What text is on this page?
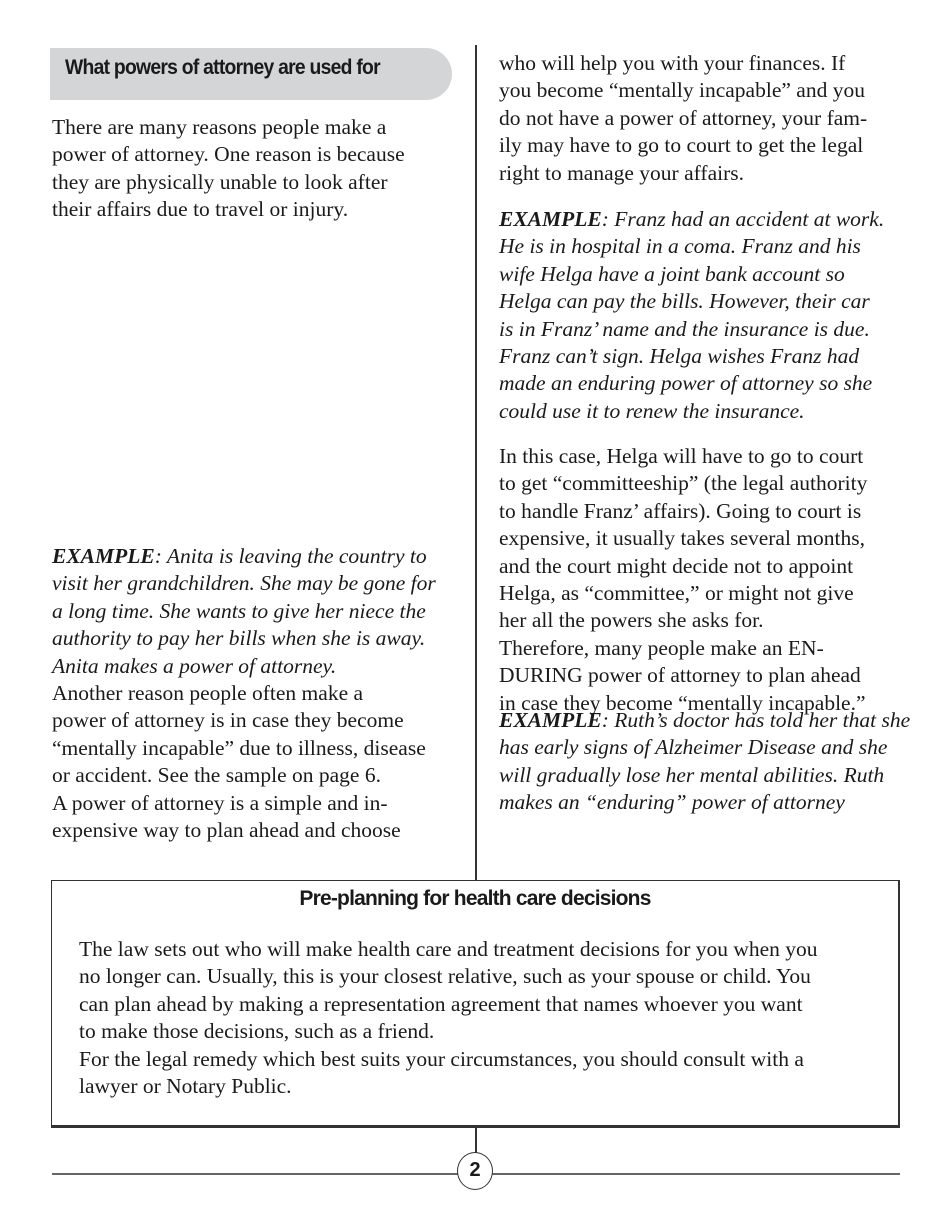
What powers of attorney are used for

There are many reasons people make a
power of attorney. One reason is because
they are physically unable to look after
their affairs due to travel or injury.

EXAMPLE: Anita is leaving the country to
visit her grandchildren. She may be gone for
a long time. She wants to give her niece the
authority to pay her bills when she is away.
Anita makes a power of attorney.

Another reason people often make a
power of attorney is in case they become
“mentally incapable” due to illness, disease
or accident. See the sample on page 6.
A power of attorney is a simple and in-
expensive way to plan ahead and choose

who will help you with your finances. If
you become “mentally incapable” and you
do not have a power of attorney, your fam-
ily may have to go to court to get the legal
right to manage your affairs.

EXAMPLE: Franz had an accident at work.
He is in hospital in a coma. Franz and his
wife Helga have a joint bank account so
Helga can pay the bills. However, their car
is in Franz’ name and the insurance is due.
Franz can’t sign. Helga wishes Franz had
made an enduring power of attorney so she
could use it to renew the insurance.

In this case, Helga will have to go to court
to get “committeeship” (the legal authority
to handle Franz’ affairs). Going to court is
expensive, it usually takes several months,
and the court might decide not to appoint
Helga, as “committee,” or might not give
her all the powers she asks for.
Therefore, many people make an EN-
DURING power of attorney to plan ahead
in case they become “mentally incapable.”

EXAMPLE: Ruth’s doctor has told her that she
has early signs of Alzheimer Disease and she
will gradually lose her mental abilities. Ruth
makes an “enduring” power of attorney

Pre-planning for health care decisions

The law sets out who will make health care and treatment decisions for you when you
no longer can. Usually, this is your closest relative, such as your spouse or child. You
can plan ahead by making a representation agreement that names whoever you want
to make those decisions, such as a friend.
For the legal remedy which best suits your circumstances, you should consult with a
lawyer or Notary Public.

2
